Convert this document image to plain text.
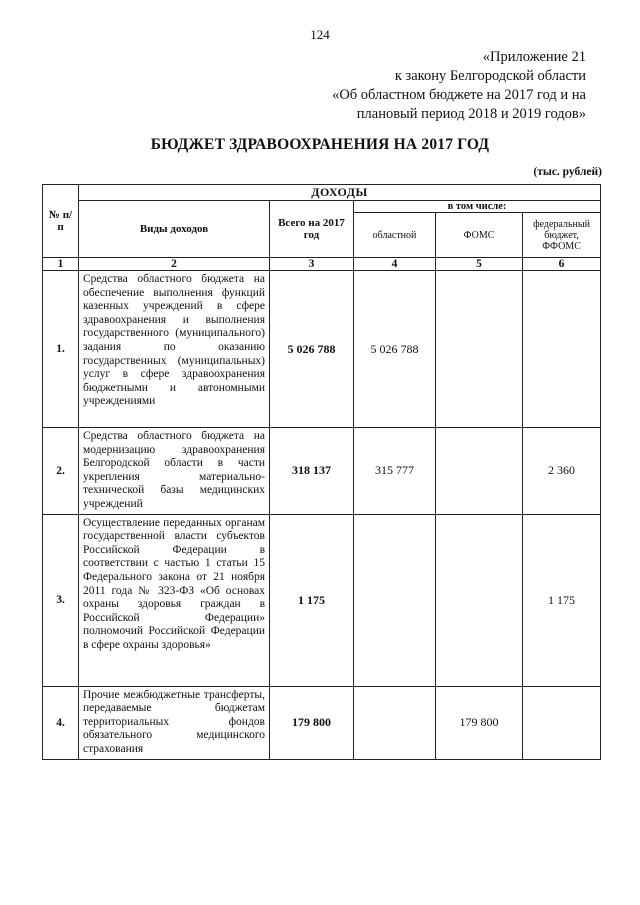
124
«Приложение 21
к закону Белгородской области
«Об областном бюджете на 2017 год и на
плановый период 2018 и 2019 годов»
БЮДЖЕТ ЗДРАВООХРАНЕНИЯ НА 2017 ГОД
(тыс. рублей)
№ п/п	ДОХОДЫ				
	Виды доходов	Всего на 2017 год	в том числе:		
			областной	ФОМС	федеральный бюджет, ФФОМС
1	2	3	4	5	6
1.	Средства областного бюджета на обеспечение выполнения функций казенных учреждений в сфере здравоохранения и выполнения государственного (муниципального) задания по оказанию государственных (муниципальных) услуг в сфере здравоохранения бюджетными и автономными учреждениями	5 026 788	5 026 788		
2.	Средства областного бюджета на модернизацию здравоохранения Белгородской области в части укрепления материально-технической базы медицинских учреждений	318 137	315 777		2 360
3.	Осуществление переданных органам государственной власти субъектов Российской Федерации в соответствии с частью 1 статьи 15 Федерального закона от 21 ноября 2011 года № 323-ФЗ «Об основах охраны здоровья граждан в Российской Федерации» полномочий Российской Федерации в сфере охраны здоровья»	1 175			1 175
4.	Прочие межбюджетные трансферты, передаваемые бюджетам территориальных фондов обязательного медицинского страхования	179 800		179 800	
